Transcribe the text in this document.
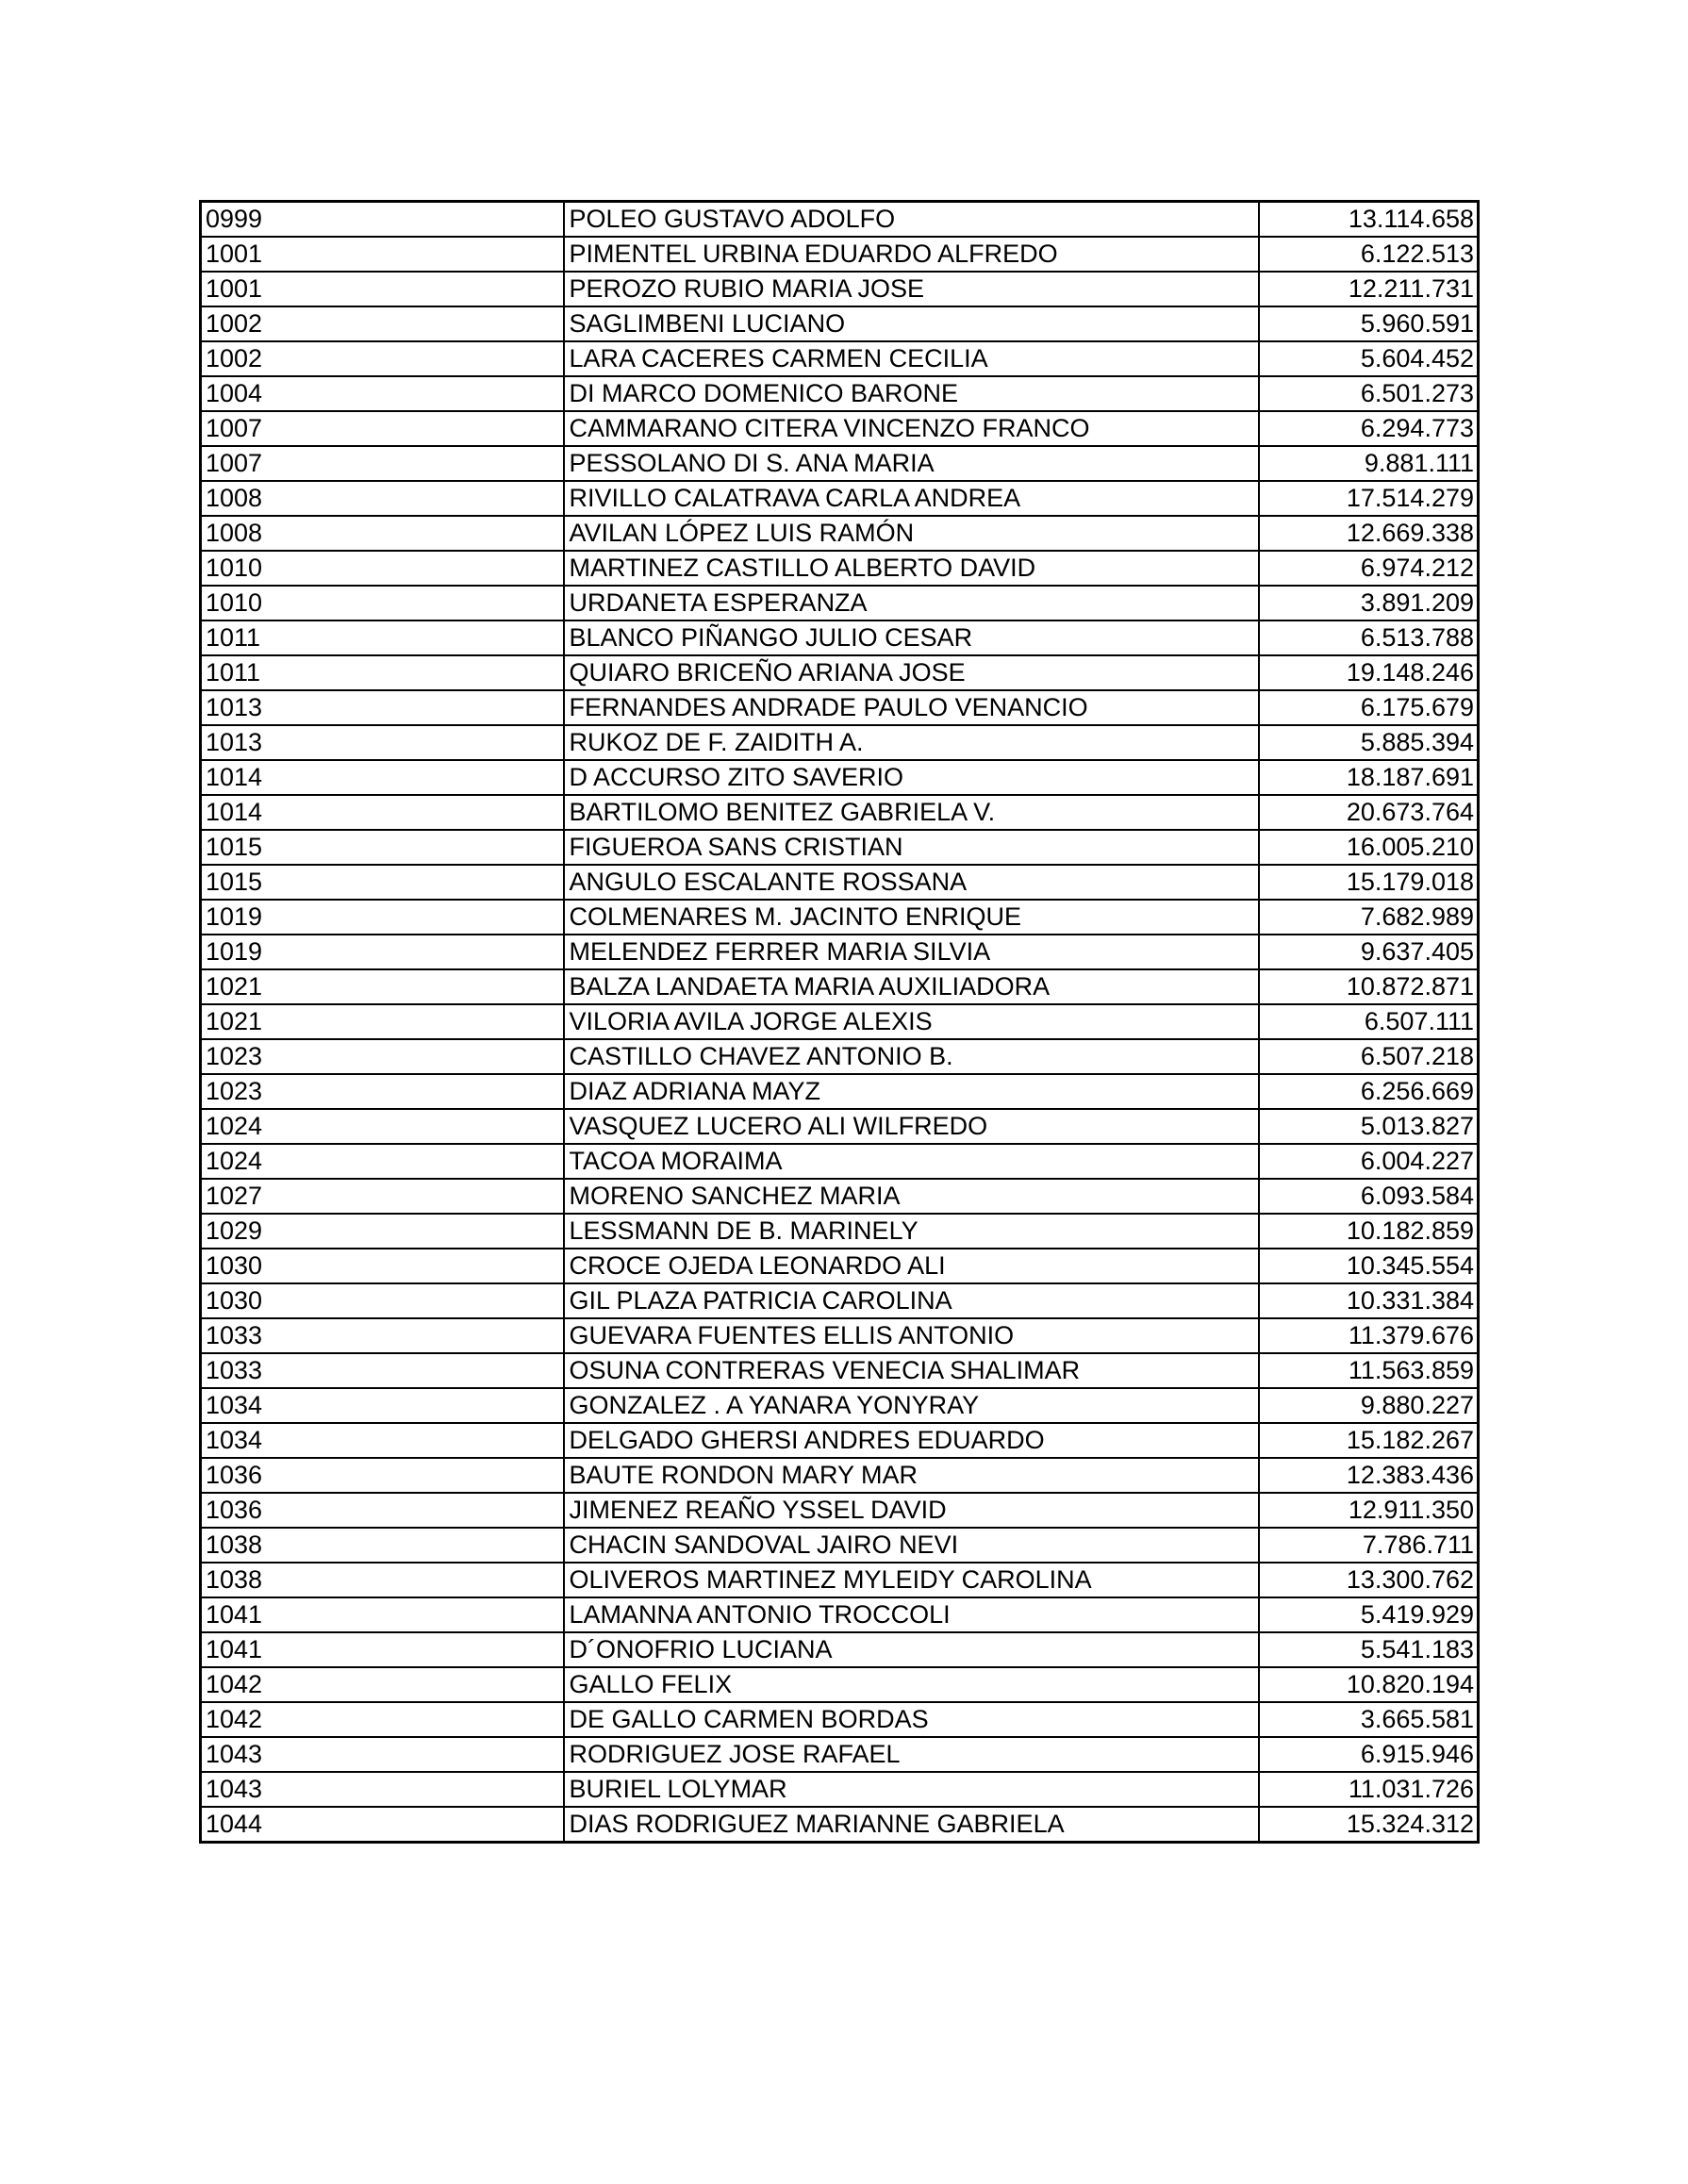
0999	POLEO GUSTAVO ADOLFO	13.114.658
1001	PIMENTEL URBINA EDUARDO ALFREDO	6.122.513
1001	PEROZO RUBIO MARIA JOSE	12.211.731
1002	SAGLIMBENI LUCIANO	5.960.591
1002	LARA CACERES CARMEN CECILIA	5.604.452
1004	DI MARCO DOMENICO BARONE	6.501.273
1007	CAMMARANO CITERA VINCENZO FRANCO	6.294.773
1007	PESSOLANO DI S. ANA MARIA	9.881.111
1008	RIVILLO CALATRAVA CARLA ANDREA	17.514.279
1008	AVILAN LÓPEZ LUIS RAMÓN	12.669.338
1010	MARTINEZ CASTILLO ALBERTO DAVID	6.974.212
1010	URDANETA ESPERANZA	3.891.209
1011	BLANCO PIÑANGO JULIO CESAR	6.513.788
1011	QUIARO BRICEÑO ARIANA JOSE	19.148.246
1013	FERNANDES ANDRADE PAULO VENANCIO	6.175.679
1013	RUKOZ DE F. ZAIDITH A.	5.885.394
1014	D ACCURSO ZITO SAVERIO	18.187.691
1014	BARTILOMO BENITEZ GABRIELA V.	20.673.764
1015	FIGUEROA SANS CRISTIAN	16.005.210
1015	ANGULO ESCALANTE ROSSANA	15.179.018
1019	COLMENARES M. JACINTO ENRIQUE	7.682.989
1019	MELENDEZ FERRER MARIA SILVIA	9.637.405
1021	BALZA LANDAETA MARIA AUXILIADORA	10.872.871
1021	VILORIA AVILA JORGE ALEXIS	6.507.111
1023	CASTILLO CHAVEZ ANTONIO B.	6.507.218
1023	DIAZ ADRIANA MAYZ	6.256.669
1024	VASQUEZ LUCERO ALI WILFREDO	5.013.827
1024	TACOA MORAIMA	6.004.227
1027	MORENO SANCHEZ MARIA	6.093.584
1029	LESSMANN DE B. MARINELY	10.182.859
1030	CROCE OJEDA LEONARDO ALI	10.345.554
1030	GIL PLAZA PATRICIA CAROLINA	10.331.384
1033	GUEVARA FUENTES ELLIS ANTONIO	11.379.676
1033	OSUNA CONTRERAS VENECIA SHALIMAR	11.563.859
1034	GONZALEZ . A YANARA YONYRAY	9.880.227
1034	DELGADO GHERSI ANDRES EDUARDO	15.182.267
1036	BAUTE RONDON MARY MAR	12.383.436
1036	JIMENEZ REAÑO YSSEL DAVID	12.911.350
1038	CHACIN SANDOVAL JAIRO NEVI	7.786.711
1038	OLIVEROS MARTINEZ MYLEIDY CAROLINA	13.300.762
1041	LAMANNA ANTONIO TROCCOLI	5.419.929
1041	D´ONOFRIO LUCIANA	5.541.183
1042	GALLO FELIX	10.820.194
1042	DE GALLO CARMEN BORDAS	3.665.581
1043	RODRIGUEZ JOSE RAFAEL	6.915.946
1043	BURIEL LOLYMAR	11.031.726
1044	DIAS RODRIGUEZ MARIANNE GABRIELA	15.324.312
